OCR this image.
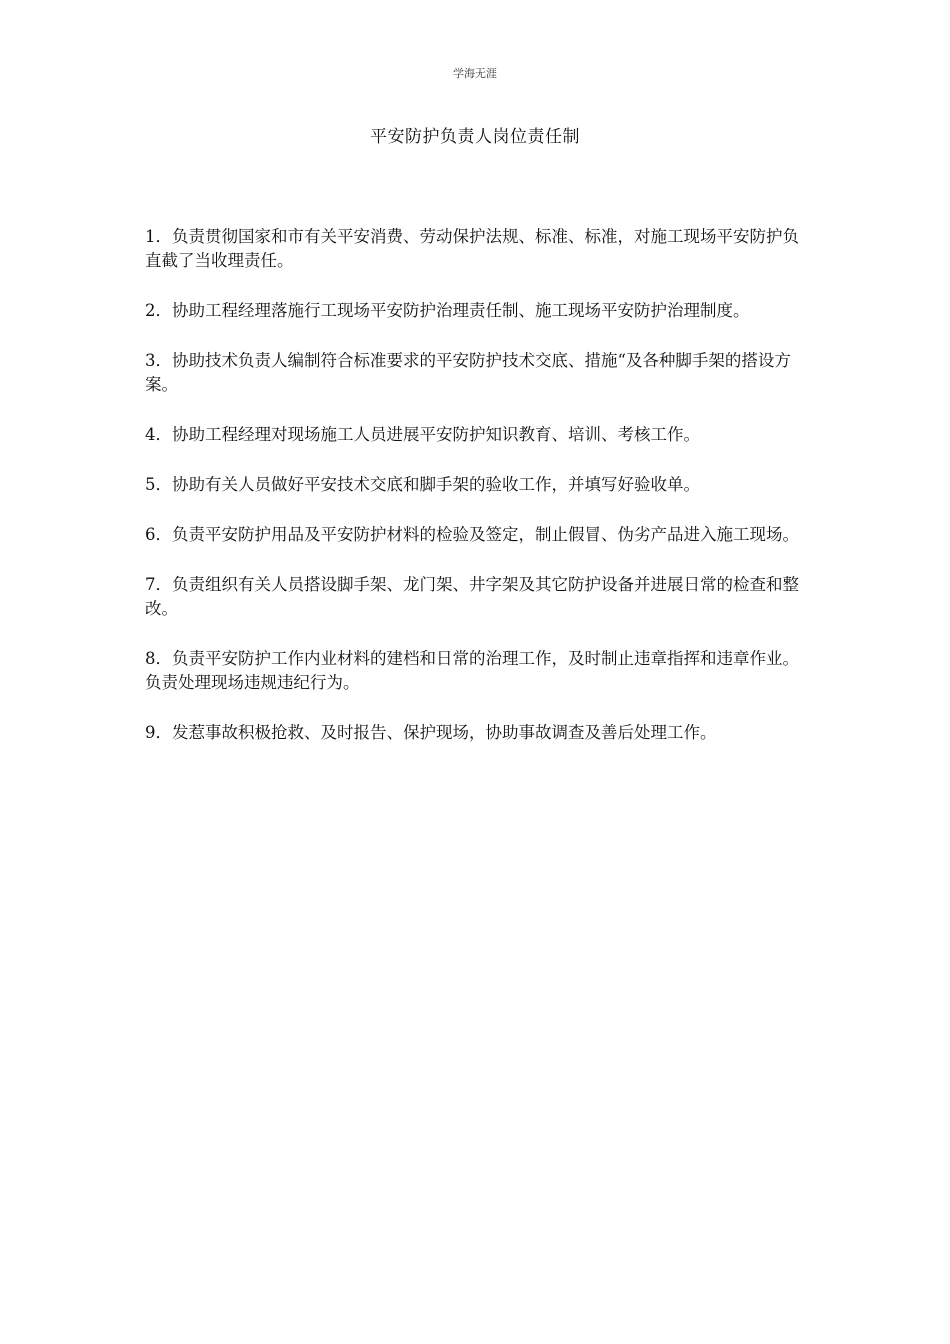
学海无涯
平安防护负责人岗位责任制

1．负责贯彻国家和市有关平安消费、劳动保护法规、标准、标准，对施工现场平安防护负直截了当收理责任。

2．协助工程经理落施行工现场平安防护治理责任制、施工现场平安防护治理制度。

3．协助技术负责人编制符合标准要求的平安防护技术交底、措施“及各种脚手架的搭设方案。

4．协助工程经理对现场施工人员进展平安防护知识教育、培训、考核工作。

5．协助有关人员做好平安技术交底和脚手架的验收工作，并填写好验收单。

6．负责平安防护用品及平安防护材料的检验及签定，制止假冒、伪劣产品进入施工现场。

7．负责组织有关人员搭设脚手架、龙门架、井字架及其它防护设备并进展日常的检查和整改。

8．负责平安防护工作内业材料的建档和日常的治理工作，及时制止违章指挥和违章作业。负责处理现场违规违纪行为。

9．发惹事故积极抢救、及时报告、保护现场，协助事故调查及善后处理工作。
